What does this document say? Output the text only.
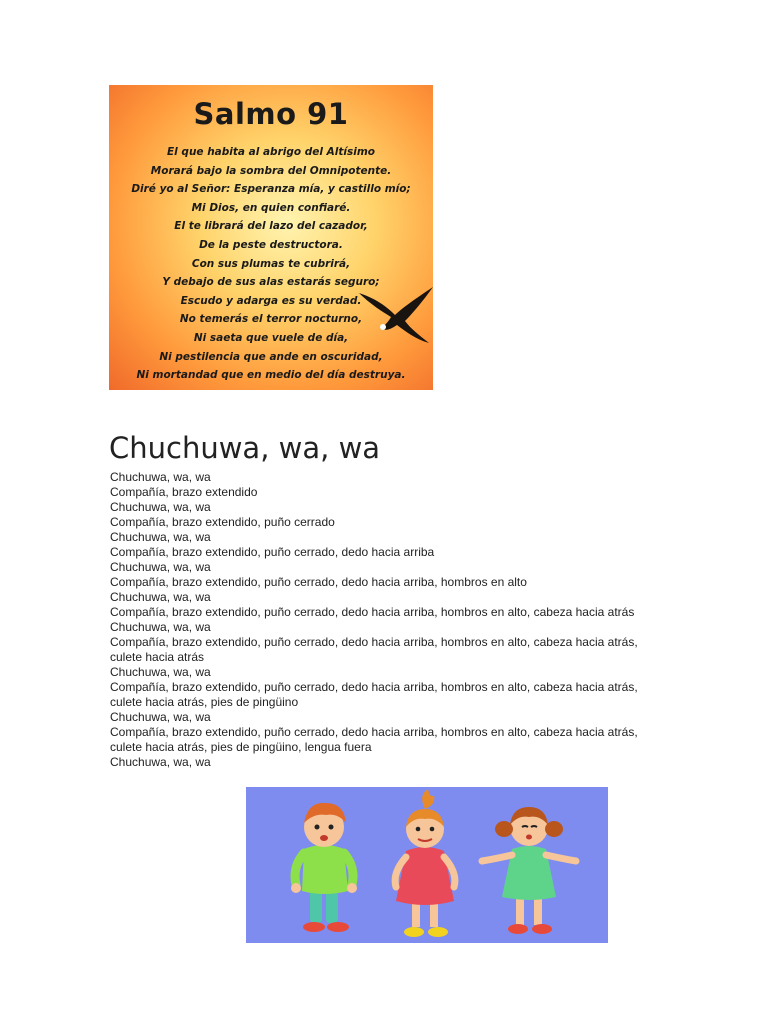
Salmo 91
El que habita al abrigo del Altísimo
Morará bajo la sombra del Omnipotente.
Diré yo al Señor: Esperanza mía, y castillo mío;
Mi Dios, en quien confiaré.
El te librará del lazo del cazador,
De la peste destructora.
Con sus plumas te cubrirá,
Y debajo de sus alas estarás seguro;
Escudo y adarga es su verdad.
No temerás el terror nocturno,
Ni saeta que vuele de día,
Ni pestilencia que ande en oscuridad,
Ni mortandad que en medio del día destruya.
Chuchuwa, wa, wa
Chuchuwa, wa, wa
Compañía, brazo extendido
Chuchuwa, wa, wa
Compañía, brazo extendido, puño cerrado
Chuchuwa, wa, wa
Compañía, brazo extendido, puño cerrado, dedo hacia arriba
Chuchuwa, wa, wa
Compañía, brazo extendido, puño cerrado, dedo hacia arriba, hombros en alto
Chuchuwa, wa, wa
Compañía, brazo extendido, puño cerrado, dedo hacia arriba, hombros en alto, cabeza hacia atrás
Chuchuwa, wa, wa
Compañía, brazo extendido, puño cerrado, dedo hacia arriba, hombros en alto, cabeza hacia atrás, culete hacia atrás
Chuchuwa, wa, wa
Compañía, brazo extendido, puño cerrado, dedo hacia arriba, hombros en alto, cabeza hacia atrás, culete hacia atrás, pies de pingüino
Chuchuwa, wa, wa
Compañía, brazo extendido, puño cerrado, dedo hacia arriba, hombros en alto, cabeza hacia atrás, culete hacia atrás, pies de pingüino, lengua fuera
Chuchuwa, wa, wa
